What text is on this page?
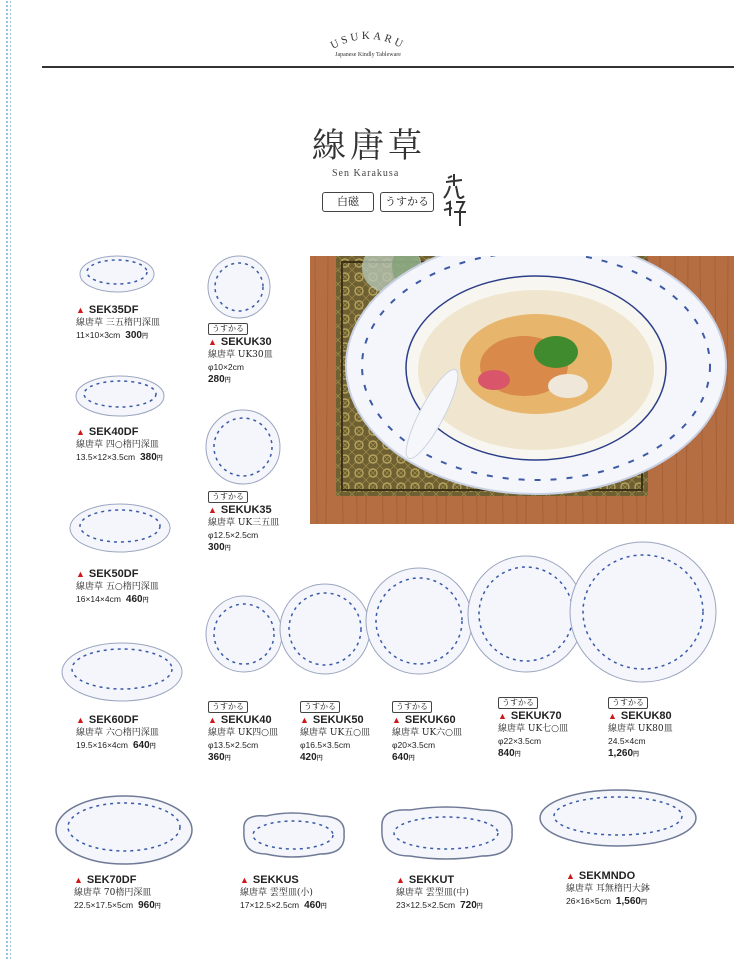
USUKARU
Japanese Kindly Tableware
線唐草
Sen Karakusa
白磁	うすかる
▲ SEK35DF
線唐草 三五楕円深皿
11×10×3cm 300円
うすかる
▲ SEKUK30
線唐草 UK30皿
φ10×2cm
280円
▲ SEK40DF
線唐草 四○楕円深皿
13.5×12×3.5cm 380円
うすかる
▲ SEKUK35
線唐草 UK三五皿
φ12.5×2.5cm
300円
▲ SEK50DF
線唐草 五○楕円深皿
16×14×4cm 460円
▲ SEK60DF
線唐草 六○楕円深皿
19.5×16×4cm 640円
うすかる
▲ SEKUK40
線唐草 UK四○皿
φ13.5×2.5cm
360円
うすかる
▲ SEKUK50
線唐草 UK五○皿
φ16.5×3.5cm
420円
うすかる
▲ SEKUK60
線唐草 UK六○皿
φ20×3.5cm
640円
うすかる
▲ SEKUK70
線唐草 UK七○皿
φ22×3.5cm
840円
うすかる
▲ SEKUK80
線唐草 UK80皿
24.5×4cm
1,260円
▲ SEK70DF
線唐草 70楕円深皿
22.5×17.5×5cm 960円
▲ SEKKUS
線唐草 雲型皿(小)
17×12.5×2.5cm 460円
▲ SEKKUT
線唐草 雲型皿(中)
23×12.5×2.5cm 720円
▲ SEKMNDO
線唐草 耳無楕円大鉢
26×16×5cm 1,560円
